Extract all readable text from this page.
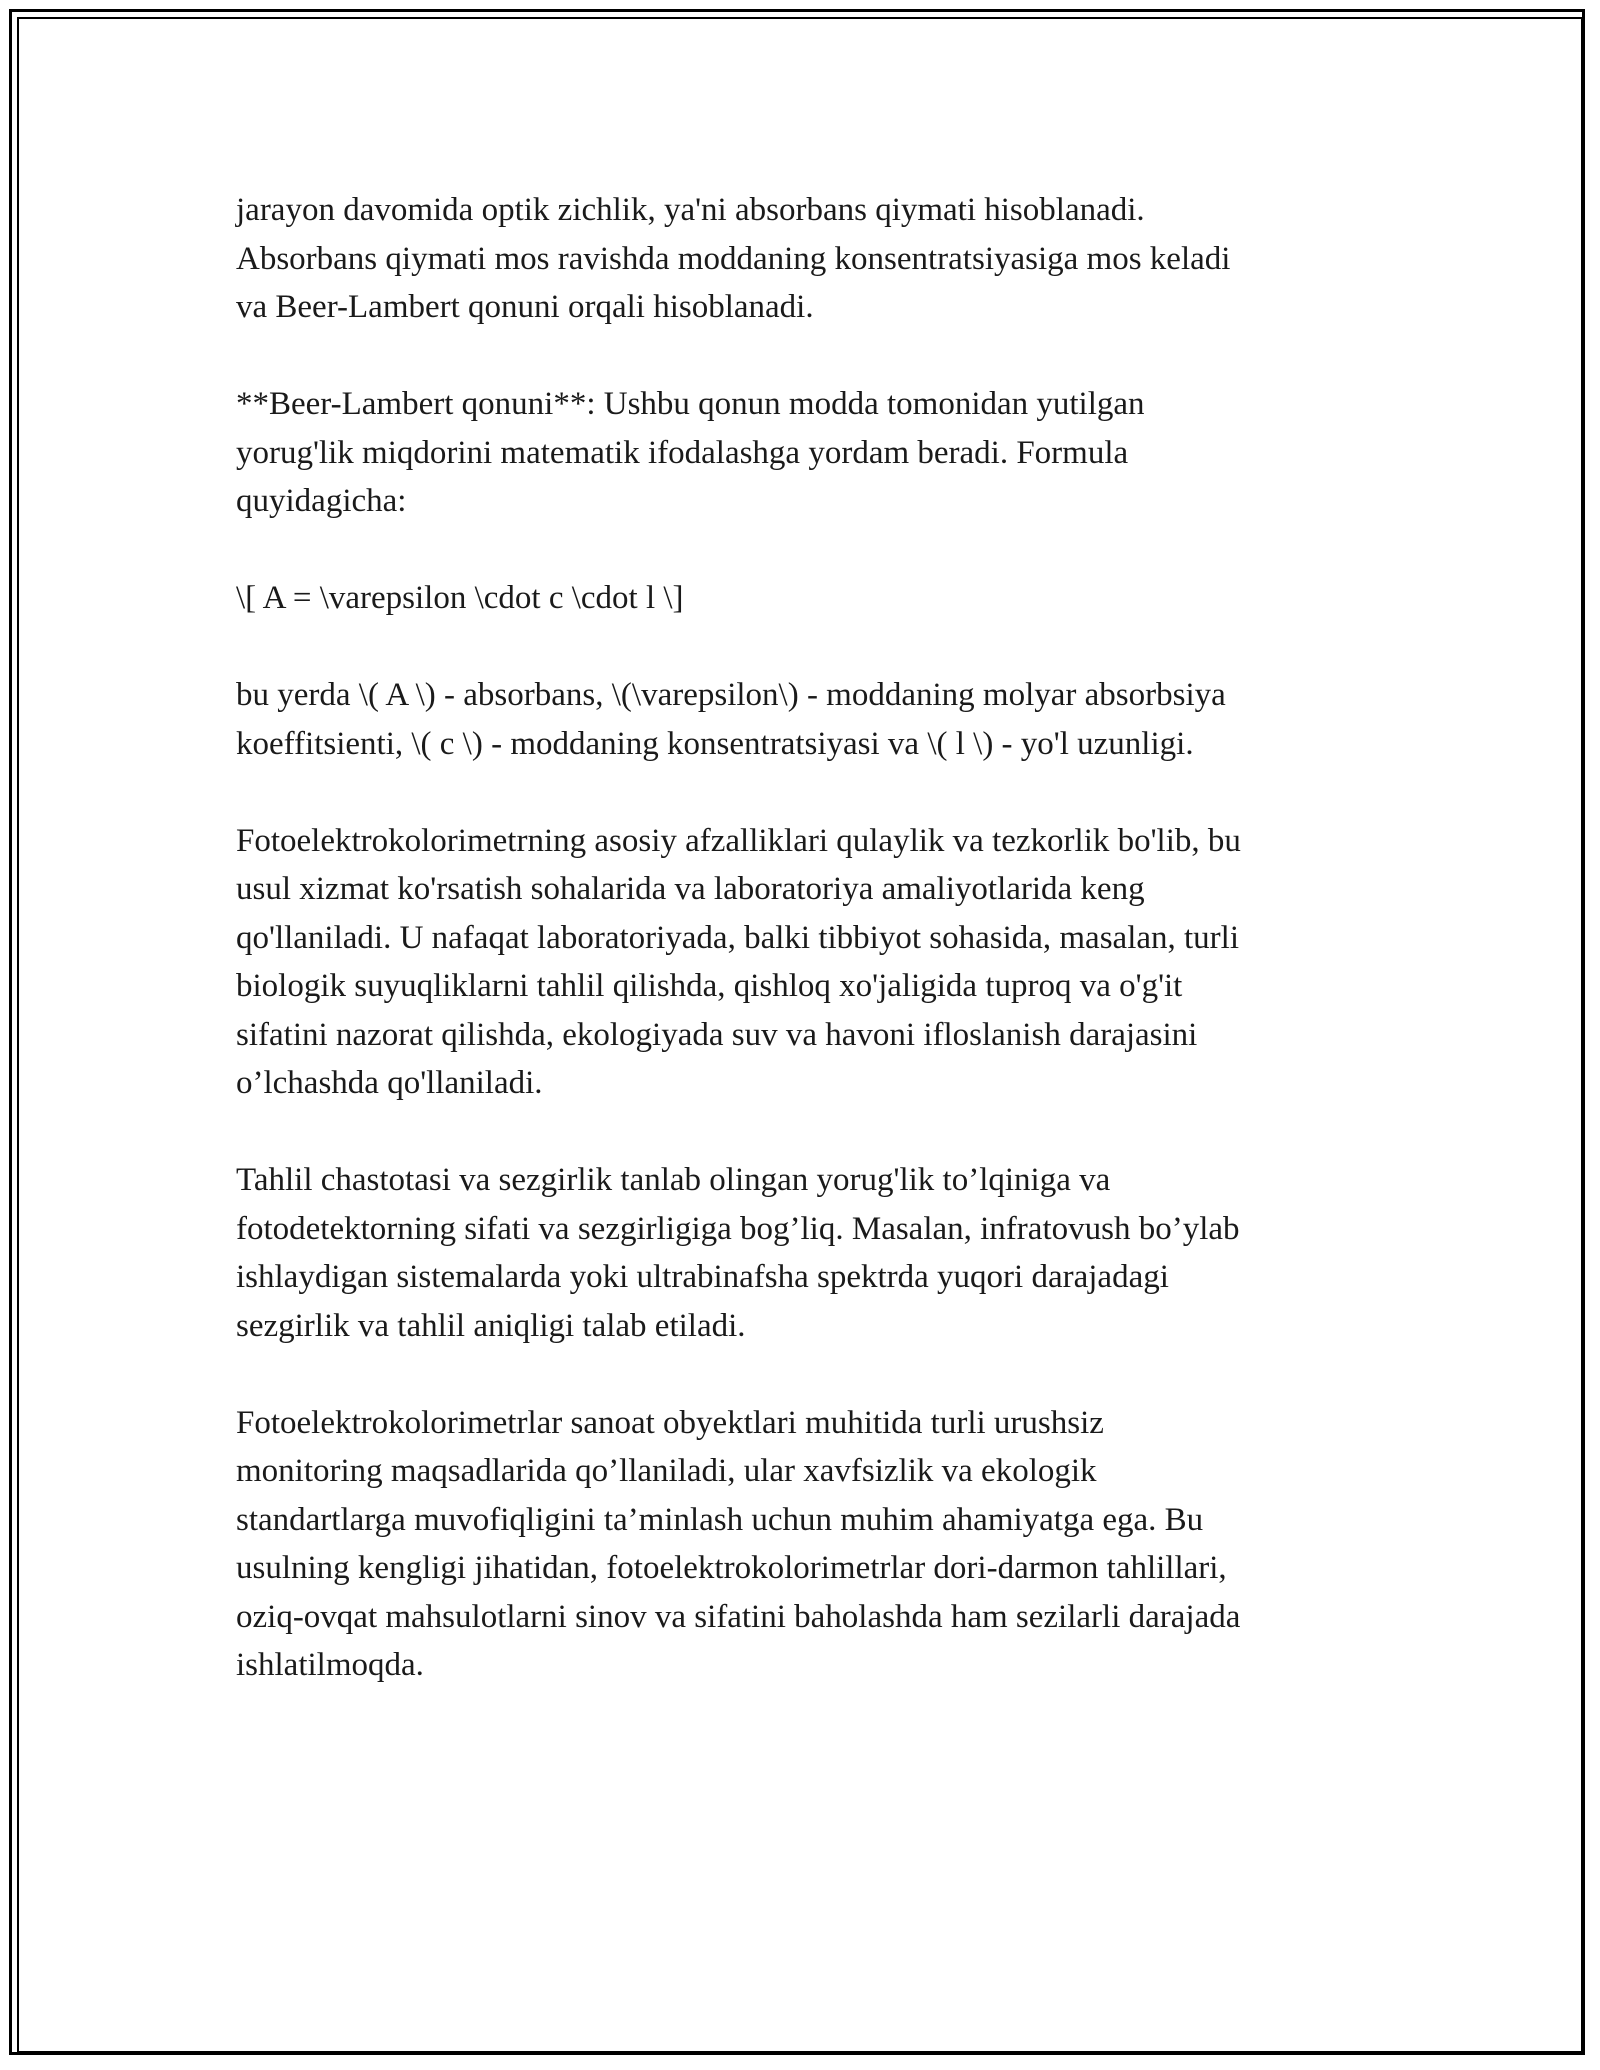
jarayon davomida optik zichlik, ya'ni absorbans qiymati hisoblanadi.
Absorbans qiymati mos ravishda moddaning konsentratsiyasiga mos keladi
va Beer-Lambert qonuni orqali hisoblanadi.

**Beer-Lambert qonuni**: Ushbu qonun modda tomonidan yutilgan
yorug'lik miqdorini matematik ifodalashga yordam beradi. Formula
quyidagicha:

\[ A = \varepsilon \cdot c \cdot l \]

bu yerda \( A \) - absorbans, \(\varepsilon\) - moddaning molyar absorbsiya
koeffitsienti, \( c \) - moddaning konsentratsiyasi va \( l \) - yo'l uzunligi.

Fotoelektrokolorimetrning asosiy afzalliklari qulaylik va tezkorlik bo'lib, bu
usul xizmat ko'rsatish sohalarida va laboratoriya amaliyotlarida keng
qo'llaniladi. U nafaqat laboratoriyada, balki tibbiyot sohasida, masalan, turli
biologik suyuqliklarni tahlil qilishda, qishloq xo'jaligida tuproq va o'g'it
sifatini nazorat qilishda, ekologiyada suv va havoni ifloslanish darajasini
o’lchashda qo'llaniladi.

Tahlil chastotasi va sezgirlik tanlab olingan yorug'lik to’lqiniga va
fotodetektorning sifati va sezgirligiga bog’liq. Masalan, infratovush bo’ylab
ishlaydigan sistemalarda yoki ultrabinafsha spektrda yuqori darajadagi
sezgirlik va tahlil aniqligi talab etiladi.

Fotoelektrokolorimetrlar sanoat obyektlari muhitida turli urushsiz
monitoring maqsadlarida qo’llaniladi, ular xavfsizlik va ekologik
standartlarga muvofiqligini ta’minlash uchun muhim ahamiyatga ega. Bu
usulning kengligi jihatidan, fotoelektrokolorimetrlar dori-darmon tahlillari,
oziq-ovqat mahsulotlarni sinov va sifatini baholashda ham sezilarli darajada
ishlatilmoqda.
